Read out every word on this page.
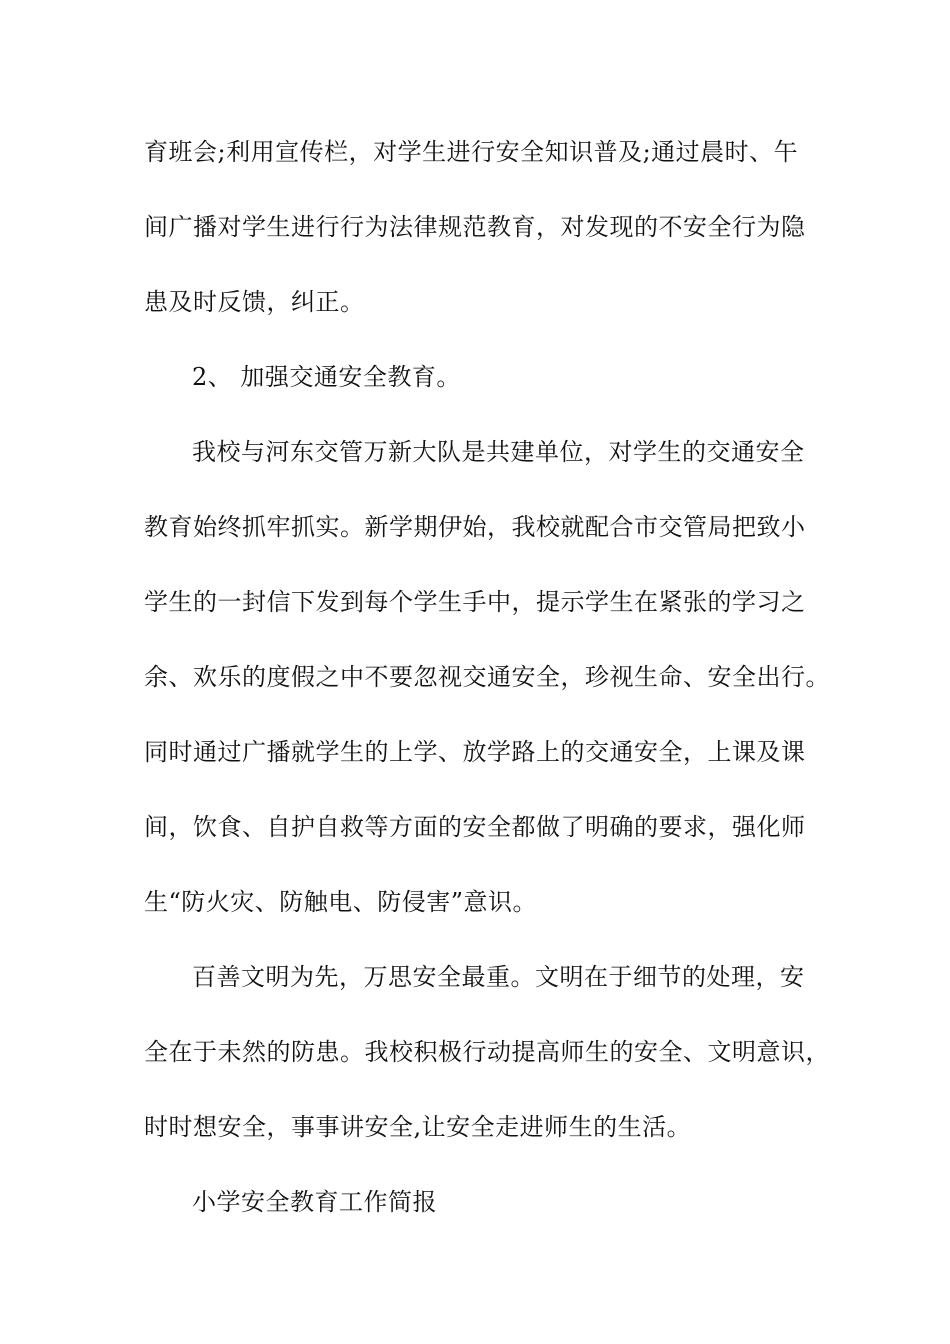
育班会;利用宣传栏，对学生进行安全知识普及;通过晨时、午
间广播对学生进行行为法律规范教育，对发现的不安全行为隐
患及时反馈，纠正。
2、 加强交通安全教育。
我校与河东交管万新大队是共建单位，对学生的交通安全
教育始终抓牢抓实。新学期伊始，我校就配合市交管局把致小
学生的一封信下发到每个学生手中，提示学生在紧张的学习之
余、欢乐的度假之中不要忽视交通安全，珍视生命、安全出行。
同时通过广播就学生的上学、放学路上的交通安全，上课及课
间，饮食、自护自救等方面的安全都做了明确的要求，强化师
生“防火灾、防触电、防侵害”意识。
百善文明为先，万思安全最重。文明在于细节的处理，安
全在于未然的防患。我校积极行动提高师生的安全、文明意识，
时时想安全，事事讲安全,让安全走进师生的生活。
小学安全教育工作简报
